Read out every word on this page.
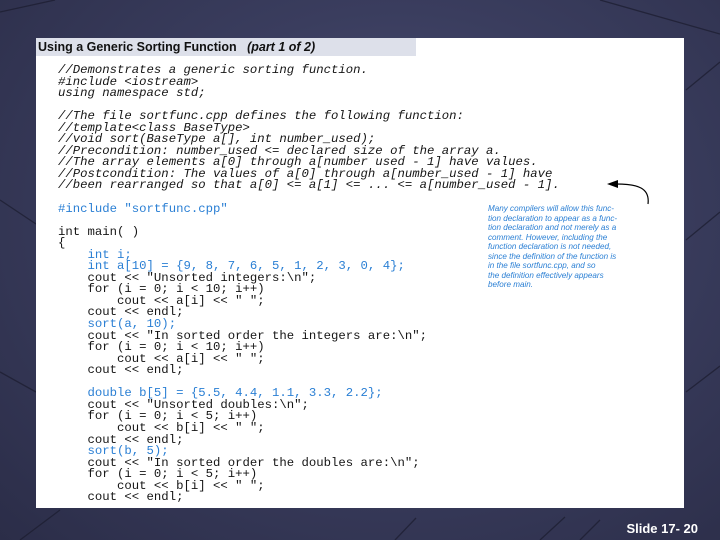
Using a Generic Sorting Function (part 1 of 2)
//Demonstrates a generic sorting function.
#include <iostream>
using namespace std;
//The file sortfunc.cpp defines the following function:
//template<class BaseType>
//void sort(BaseType a[], int number_used);
//Precondition: number_used <= declared size of the array a.
//The array elements a[0] through a[number used - 1] have values.
//Postcondition: The values of a[0] through a[number_used - 1] have
//been rearranged so that a[0] <= a[1] <= ... <= a[number_used - 1].
#include "sortfunc.cpp"
int main( )
{
int i;
int a[10] = {9, 8, 7, 6, 5, 1, 2, 3, 0, 4};
cout << "Unsorted integers:\n";
for (i = 0; i < 10; i++)
cout << a[i] << " ";
cout << endl;
sort(a, 10);
cout << "In sorted order the integers are:\n";
for (i = 0; i < 10; i++)
cout << a[i] << " ";
cout << endl;
double b[5] = {5.5, 4.4, 1.1, 3.3, 2.2};
cout << "Unsorted doubles:\n";
for (i = 0; i < 5; i++)
cout << b[i] << " ";
cout << endl;
sort(b, 5);
cout << "In sorted order the doubles are:\n";
for (i = 0; i < 5; i++)
cout << b[i] << " ";
cout << endl;
Many compilers will allow this func-
tion declaration to appear as a func-
tion declaration and not merely as a
comment. However, including the
function declaration is not needed,
since the definition of the function is
in the file sortfunc.cpp, and so
the definition effectively appears
before main.
Slide 17- 20
